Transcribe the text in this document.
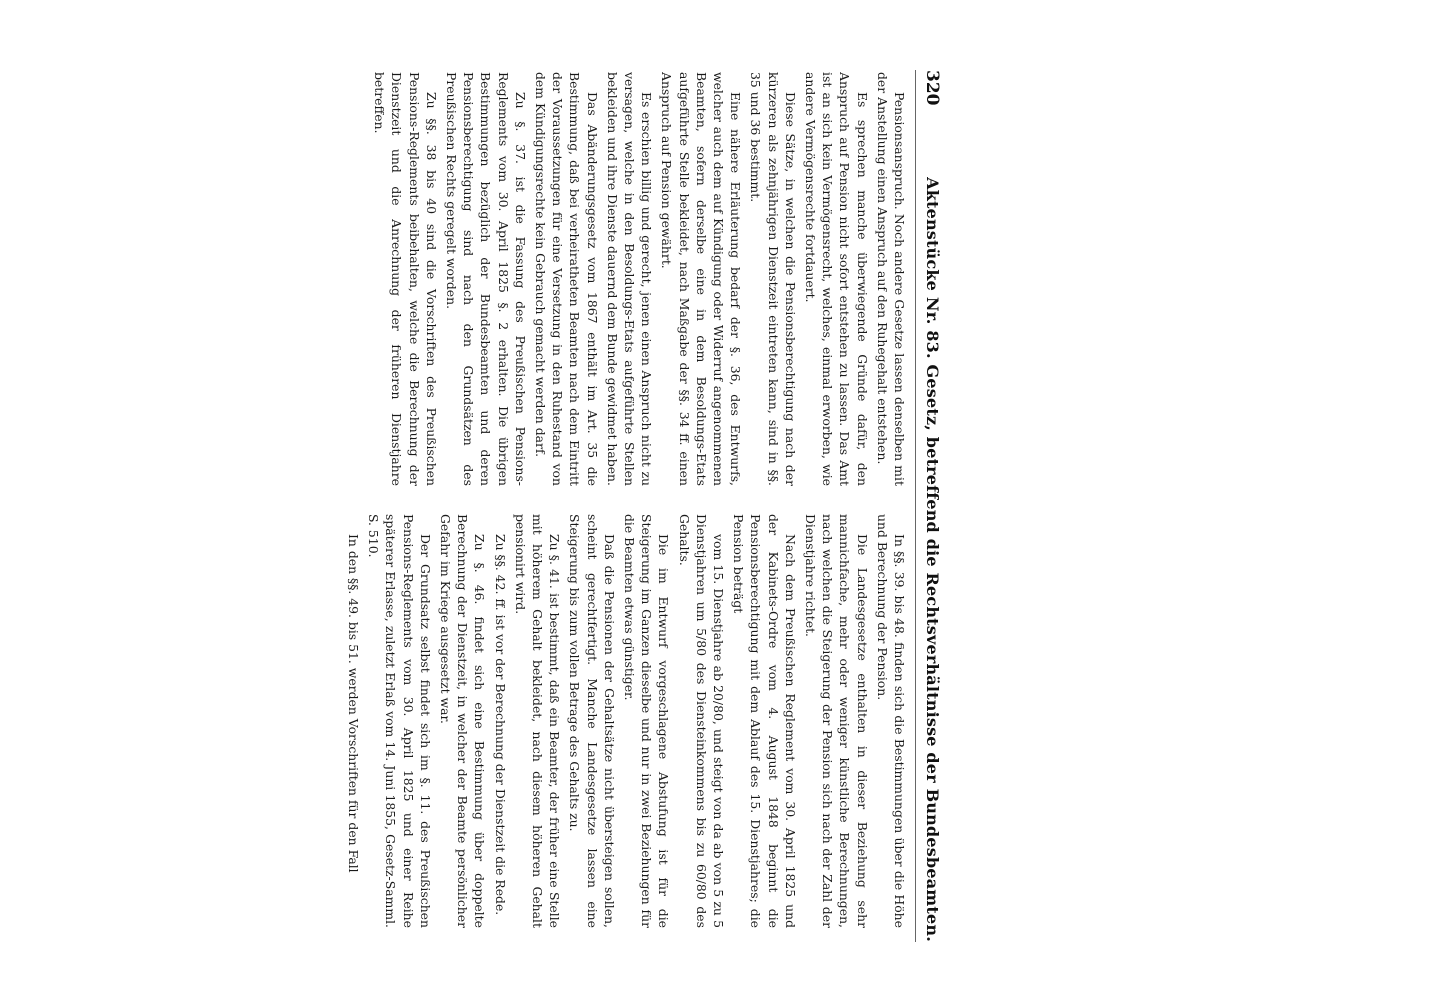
320
Aktenstücke Nr. 83. Gesetz, betreffend die Rechtsverhältnisse der Bundesbeamten.

Pensionsanspruch. Noch andere Gesetze lassen denselben mit der Anstellung einen Anspruch auf den Ruhegehalt entstehen.

Es sprechen manche überwiegende Gründe dafür, den Anspruch auf Pension nicht sofort entstehen zu lassen. Das Amt ist an sich kein Vermögensrecht, welches, einmal erworben, wie andere Vermögensrechte fortdauert.

Diese Sätze, in welchen die Pensionsberechtigung nach der kürzeren als zehnjährigen Dienstzeit eintreten kann, sind in §§. 35 und 36 bestimmt.

Eine nähere Erläuterung bedarf der §. 36, des Entwurfs, welcher auch dem auf Kündigung oder Widerruf angenommenen Beamten, sofern derselbe eine in dem Besoldungs-Etats aufgeführte Stelle bekleidet, nach Maßgabe der §§. 34 ff. einen Anspruch auf Pension gewährt.

Es erschien billig und gerecht, jenen einen Anspruch nicht zu versagen, welche in den Besoldungs-Etats aufgeführte Stellen bekleiden und ihre Dienste dauernd dem Bunde gewidmet haben.

Das Abänderungsgesetz vom 1867 enthält im Art. 35 die Bestimmung, daß bei verheiratheten Beamten nach dem Eintritt der Voraussetzungen für eine Versetzung in den Ruhestand von dem Kündigungsrechte kein Gebrauch gemacht werden darf.

Zu §. 37. ist die Fassung des Preußischen Pensions-Reglements vom 30. April 1825 §. 2 erhalten. Die übrigen Bestimmungen bezüglich der Bundesbeamten und deren Pensionsberechtigung sind nach den Grundsätzen des Preußischen Rechts geregelt worden.

Zu §§. 38 bis 40 sind die Vorschriften des Preußischen Pensions-Reglements beibehalten, welche die Berechnung der Dienstzeit und die Anrechnung der früheren Dienstjahre betreffen.

In §§. 39. bis 48. finden sich die Bestimmungen über die Höhe und Berechnung der Pension.

Die Landesgesetze enthalten in dieser Beziehung sehr mannichfache, mehr oder weniger künstliche Berechnungen, nach welchen die Steigerung der Pension sich nach der Zahl der Dienstjahre richtet.

Nach dem Preußischen Reglement vom 30. April 1825 und der Kabinets-Ordre vom 4. August 1848 beginnt die Pensionsberechtigung mit dem Ablauf des 15. Dienstjahres; die Pension beträgt

vom 15. Dienstjahre ab 20/80, und steigt von da ab von 5 zu 5 Dienstjahren um 5/80 des Diensteinkommens bis zu 60/80 des Gehalts.

Die im Entwurf vorgeschlagene Abstufung ist für die Steigerung im Ganzen dieselbe und nur in zwei Beziehungen für die Beamten etwas günstiger.

Daß die Pensionen der Gehaltsätze nicht übersteigen sollen, scheint gerechtfertigt. Manche Landesgesetze lassen eine Steigerung bis zum vollen Betrage des Gehalts zu.

Zu §. 41. ist bestimmt, daß ein Beamter, der früher eine Stelle mit höherem Gehalt bekleidet, nach diesem höheren Gehalt pensionirt wird.

Zu §§. 42. ff. ist vor der Berechnung der Dienstzeit die Rede.

Zu §. 46. findet sich eine Bestimmung über doppelte Berechnung der Dienstzeit, in welcher der Beamte persönlicher Gefahr im Kriege ausgesetzt war.

Der Grundsatz selbst findet sich im §. 11. des Preußischen Pensions-Reglements vom 30. April 1825 und einer Reihe späterer Erlasse, zuletzt Erlaß vom 14. Juni 1855, Gesetz-Samml. S. 510.

In den §§. 49. bis 51. werden Vorschriften für den Fall
